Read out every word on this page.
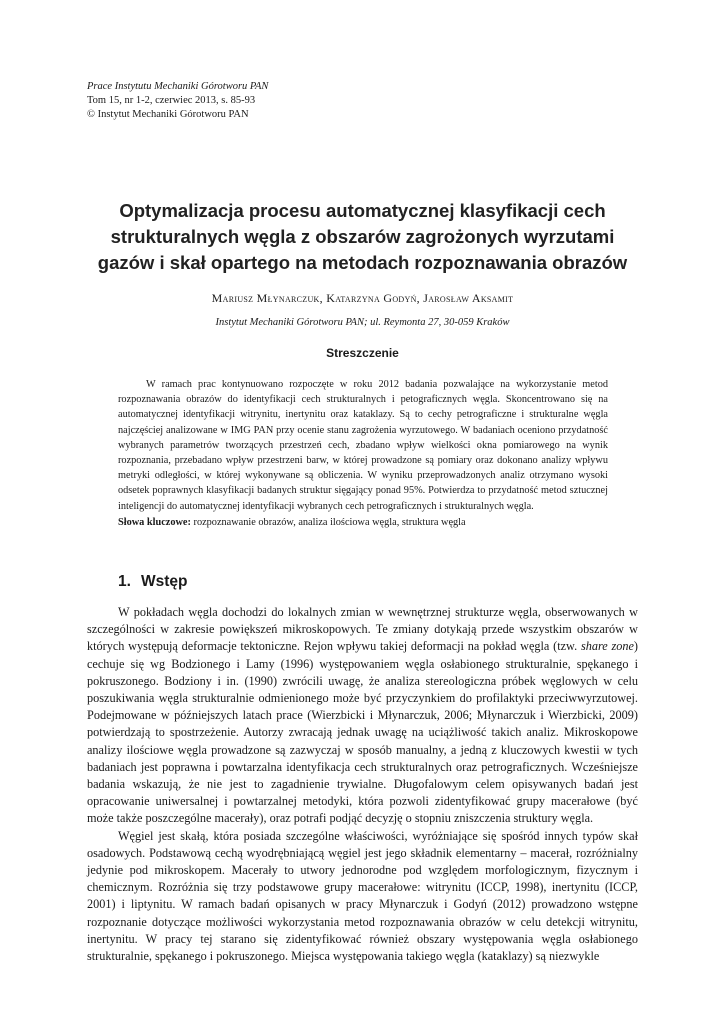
Prace Instytutu Mechaniki Górotworu PAN
Tom 15, nr 1-2, czerwiec 2013, s. 85-93
© Instytut Mechaniki Górotworu PAN
Optymalizacja procesu automatycznej klasyfikacji cech
strukturalnych węgla z obszarów zagrożonych wyrzutami
gazów i skał opartego na metodach rozpoznawania obrazów
Mariusz Młynarczuk, Katarzyna Godyń, Jarosław Aksamit
Instytut Mechaniki Górotworu PAN; ul. Reymonta 27, 30-059 Kraków
Streszczenie

W ramach prac kontynuowano rozpoczęte w roku 2012 badania pozwalające na wykorzystanie metod rozpoznawania obrazów do identyfikacji cech strukturalnych i petograficznych węgla. Skoncentrowano się na automatycznej identyfikacji witrynitu, inertynitu oraz kataklazy. Są to cechy petrograficzne i strukturalne węgla najczęściej analizowane w IMG PAN przy ocenie stanu zagrożenia wyrzutowego. W badaniach oceniono przydatność wybranych parametrów tworzących przestrzeń cech, zbadano wpływ wielkości okna pomiarowego na wynik rozpoznania, przebadano wpływ przestrzeni barw, w której prowadzone są pomiary oraz dokonano analizy wpływu metryki odległości, w której wykonywane są obliczenia. W wyniku przeprowadzonych analiz otrzymano wysoki odsetek poprawnych klasyfikacji badanych struktur sięgający ponad 95%. Potwierdza to przydatność metod sztucznej inteligencji do automatycznej identyfikacji wybranych cech petrograficznych i strukturalnych węgla.

Słowa kluczowe: rozpoznawanie obrazów, analiza ilościowa węgla, struktura węgla
1. Wstęp

W pokładach węgla dochodzi do lokalnych zmian w wewnętrznej strukturze węgla, obserwowanych w szczególności w zakresie powiększeń mikroskopowych. Te zmiany dotykają przede wszystkim obszarów w których występują deformacje tektoniczne. Rejon wpływu takiej deformacji na pokład węgla (tzw. share zone) cechuje się wg Bodzionego i Lamy (1996) występowaniem węgla osłabionego strukturalnie, spękanego i pokruszonego. Bodziony i in. (1990) zwrócili uwagę, że analiza stereologiczna próbek węglowych w celu poszukiwania węgla strukturalnie odmienionego może być przyczynkiem do profilaktyki przeciwwyrzutowej. Podejmowane w późniejszych latach prace (Wierzbicki i Młynarczuk, 2006; Młynarczuk i Wierzbicki, 2009) potwierdzają to spostrzeżenie. Autorzy zwracają jednak uwagę na uciążliwość takich analiz. Mikroskopowe analizy ilościowe węgla prowadzone są zazwyczaj w sposób manualny, a jedną z kluczowych kwestii w tych badaniach jest poprawna i powtarzalna identyfikacja cech strukturalnych oraz petrograficznych. Wcześniejsze badania wskazują, że nie jest to zagadnienie trywialne. Długofalowym celem opisywanych badań jest opracowanie uniwersalnej i powtarzalnej metodyki, która pozwoli zidentyfikować grupy macerałowe (być może także poszczególne macerały), oraz potrafi podjąć decyzję o stopniu zniszczenia struktury węgla.

Węgiel jest skałą, która posiada szczególne właściwości, wyróżniające się spośród innych typów skał osadowych. Podstawową cechą wyodrębniającą węgiel jest jego składnik elementarny – macerał, rozróżnialny jedynie pod mikroskopem. Macerały to utwory jednorodne pod względem morfologicznym, fizycznym i chemicznym. Rozróżnia się trzy podstawowe grupy macerałowe: witrynitu (ICCP, 1998), inertynitu (ICCP, 2001) i liptynitu. W ramach badań opisanych w pracy Młynarczuk i Godyń (2012) prowadzono wstępne rozpoznanie dotyczące możliwości wykorzystania metod rozpoznawania obrazów w celu detekcji witrynitu, inertynitu. W pracy tej starano się zidentyfikować również obszary występowania węgla osłabionego strukturalnie, spękanego i pokruszonego. Miejsca występowania takiego węgla (kataklazy) są niezwykle
